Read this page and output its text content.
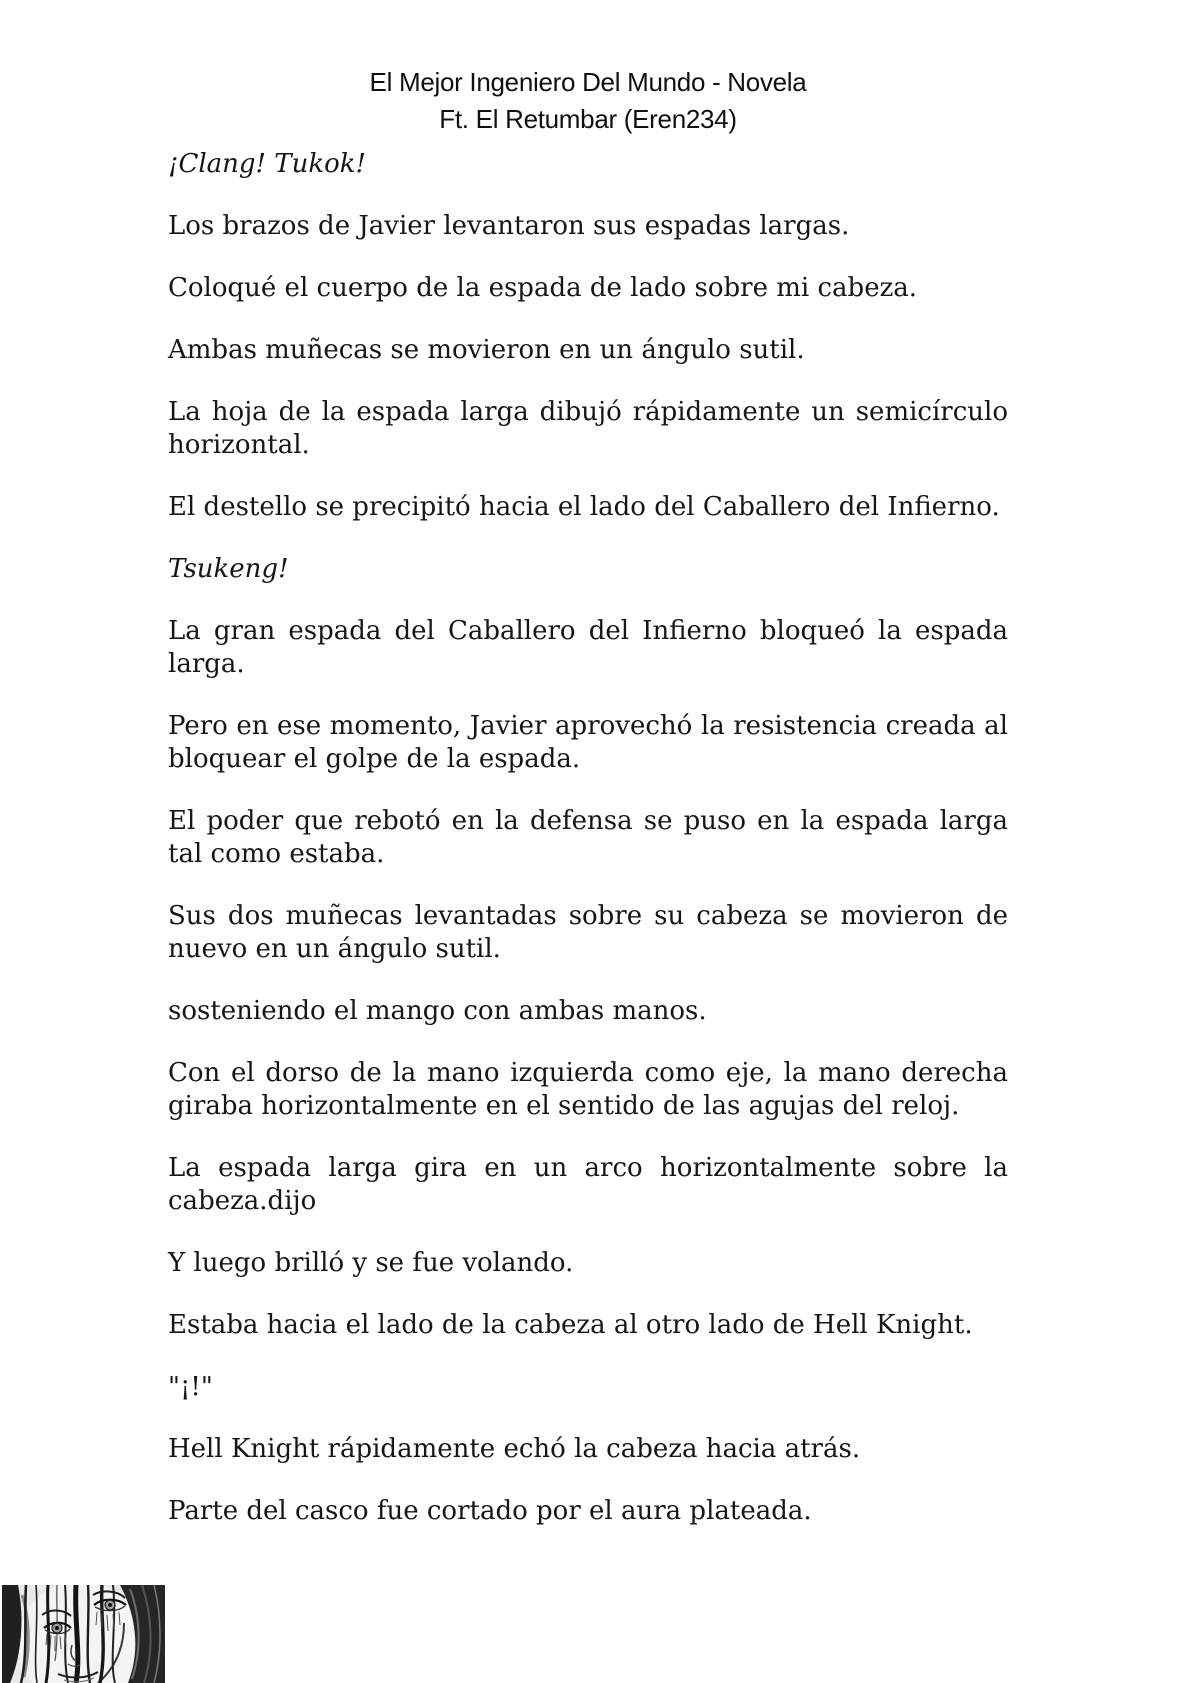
El Mejor Ingeniero Del Mundo - Novela
Ft. El Retumbar (Eren234)

¡Clang! Tukok!

Los brazos de Javier levantaron sus espadas largas.

Coloqué el cuerpo de la espada de lado sobre mi cabeza.

Ambas muñecas se movieron en un ángulo sutil.

La hoja de la espada larga dibujó rápidamente un semicírculo horizontal.

El destello se precipitó hacia el lado del Caballero del Infierno.

Tsukeng!

La gran espada del Caballero del Infierno bloqueó la espada larga.

Pero en ese momento, Javier aprovechó la resistencia creada al bloquear el golpe de la espada.

El poder que rebotó en la defensa se puso en la espada larga tal como estaba.

Sus dos muñecas levantadas sobre su cabeza se movieron de nuevo en un ángulo sutil.

sosteniendo el mango con ambas manos.

Con el dorso de la mano izquierda como eje, la mano derecha giraba horizontalmente en el sentido de las agujas del reloj.

La espada larga gira en un arco horizontalmente sobre la cabeza.dijo

Y luego brilló y se fue volando.

Estaba hacia el lado de la cabeza al otro lado de Hell Knight.

"¡!"

Hell Knight rápidamente echó la cabeza hacia atrás.

Parte del casco fue cortado por el aura plateada.
